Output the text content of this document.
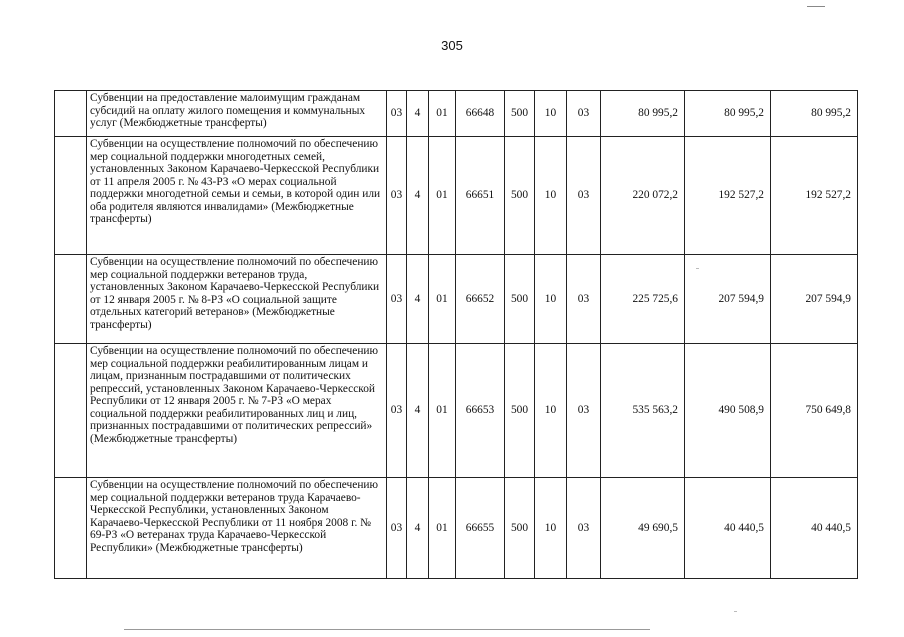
305
	Субвенции на предоставление малоимущим гражданам субсидий на оплату жилого помещения и коммунальных услуг (Межбюджетные трансферты)	03	4	01	66648	500	10	03	80 995,2	80 995,2	80 995,2
	Субвенции на осуществление полномочий по обеспечению мер социальной поддержки многодетных семей, установленных Законом Карачаево-Черкесской Республики от 11 апреля 2005 г. № 43-РЗ «О мерах социальной поддержки многодетной семьи и семьи, в которой один или оба родителя являются инвалидами» (Межбюджетные трансферты)	03	4	01	66651	500	10	03	220 072,2	192 527,2	192 527,2
	Субвенции на осуществление полномочий по обеспечению мер социальной поддержки ветеранов труда, установленных Законом Карачаево-Черкесской Республики от 12 января 2005 г. № 8-РЗ «О социальной защите отдельных категорий ветеранов» (Межбюджетные трансферты)	03	4	01	66652	500	10	03	225 725,6	207 594,9	207 594,9
	Субвенции на осуществление полномочий по обеспечению мер социальной поддержки реабилитированным лицам и лицам, признанным пострадавшими от политических репрессий, установленных Законом Карачаево-Черкесской Республики от 12 января 2005 г. № 7-РЗ «О мерах социальной поддержки реабилитированных лиц и лиц, признанных пострадавшими от политических репрессий» (Межбюджетные трансферты)	03	4	01	66653	500	10	03	535 563,2	490 508,9	750 649,8
	Субвенции на осуществление полномочий по обеспечению мер социальной поддержки ветеранов труда Карачаево-Черкесской Республики, установленных Законом Карачаево-Черкесской Республики от 11 ноября 2008 г. № 69-РЗ «О ветеранах труда Карачаево-Черкесской Республики» (Межбюджетные трансферты)	03	4	01	66655	500	10	03	49 690,5	40 440,5	40 440,5
